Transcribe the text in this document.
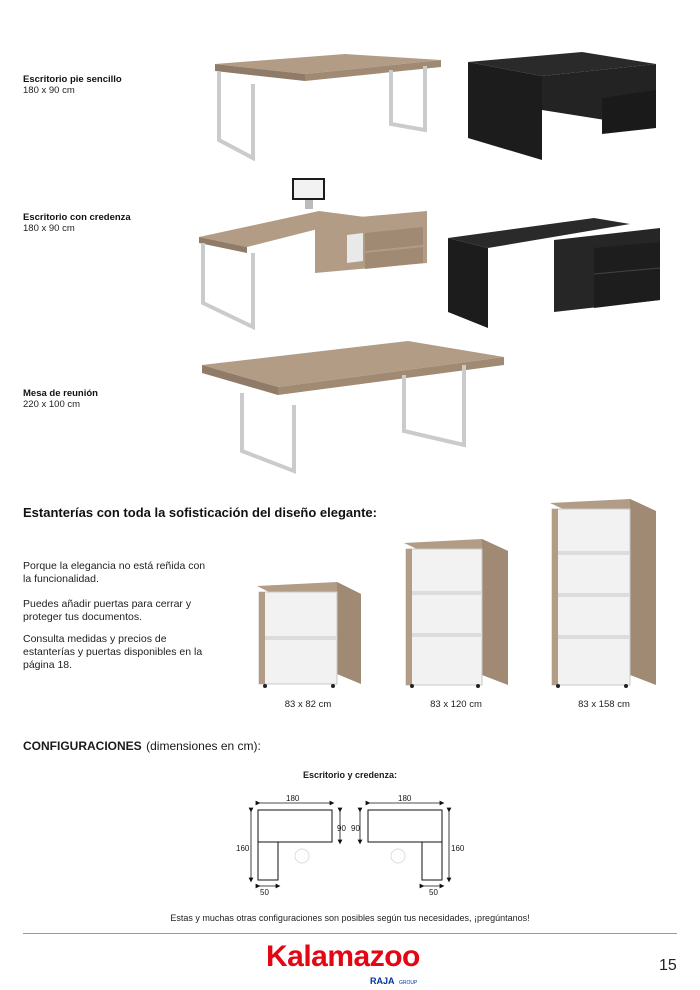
Escritorio pie sencillo
180 x 90 cm
Escritorio con credenza
180 x 90 cm
Mesa de reunión
220 x 100 cm
Estanterías con toda la sofisticación del diseño elegante:
Porque la elegancia no está reñida con la funcionalidad.
Puedes añadir puertas para cerrar y proteger tus documentos.
Consulta medidas y precios de estanterías y puertas disponibles en la página 18.
83 x 82 cm	83 x 120 cm	83 x 158 cm
CONFIGURACIONES (dimensiones en cm):
Escritorio y credenza:
180
90
160
50
180
90
160
50
Estas y muchas otras configuraciones son posibles según tus necesidades, ¡pregúntanos!
Kalamazoo
RAJA GROUP
15
